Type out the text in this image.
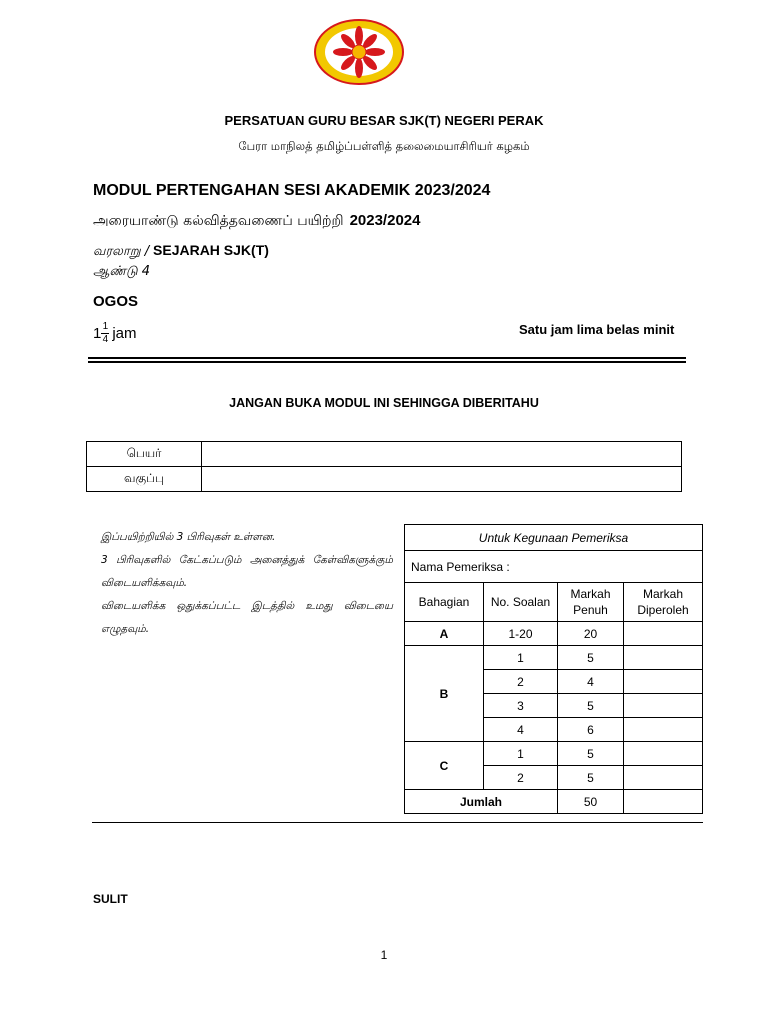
PERSATUAN GURU BESAR SJK(T) NEGERI PERAK
பேரா மாநிலத் தமிழ்ப்பள்ளித் தலைமையாசிரியர் கழகம்
MODUL PERTENGAHAN SESI AKADEMIK 2023/2024
அரையாண்டு கல்வித்தவணைப் பயிற்றி 2023/2024
வரலாறு / SEJARAH SJK(T)
ஆண்டு 4
OGOS
$1 \frac{1}{4}$ jam	Satu jam lima belas minit
JANGAN BUKA MODUL INI SEHINGGA DIBERITAHU
பெயர்	
வகுப்பு	

இப்பயிற்றியில் 3 பிரிவுகள் உள்ளன.

3 பிரிவுகளில் கேட்கப்படும் அனைத்துக் கேள்விகளுக்கும் விடையளிக்கவும்.

விடையளிக்க ஒதுக்கப்பட்ட இடத்தில் உமது விடையை எழுதவும்.

Untuk Kegunaan Pemeriksa			
Nama Pemeriksa :			
Bahagian	No. Soalan	Markah Penuh	Markah Diperoleh
A	1-20	20	
B	1	5	
	2	4	
	3	5	
	4	6	
C	1	5	
	2	5	
Jumlah		50	
SULIT
1
